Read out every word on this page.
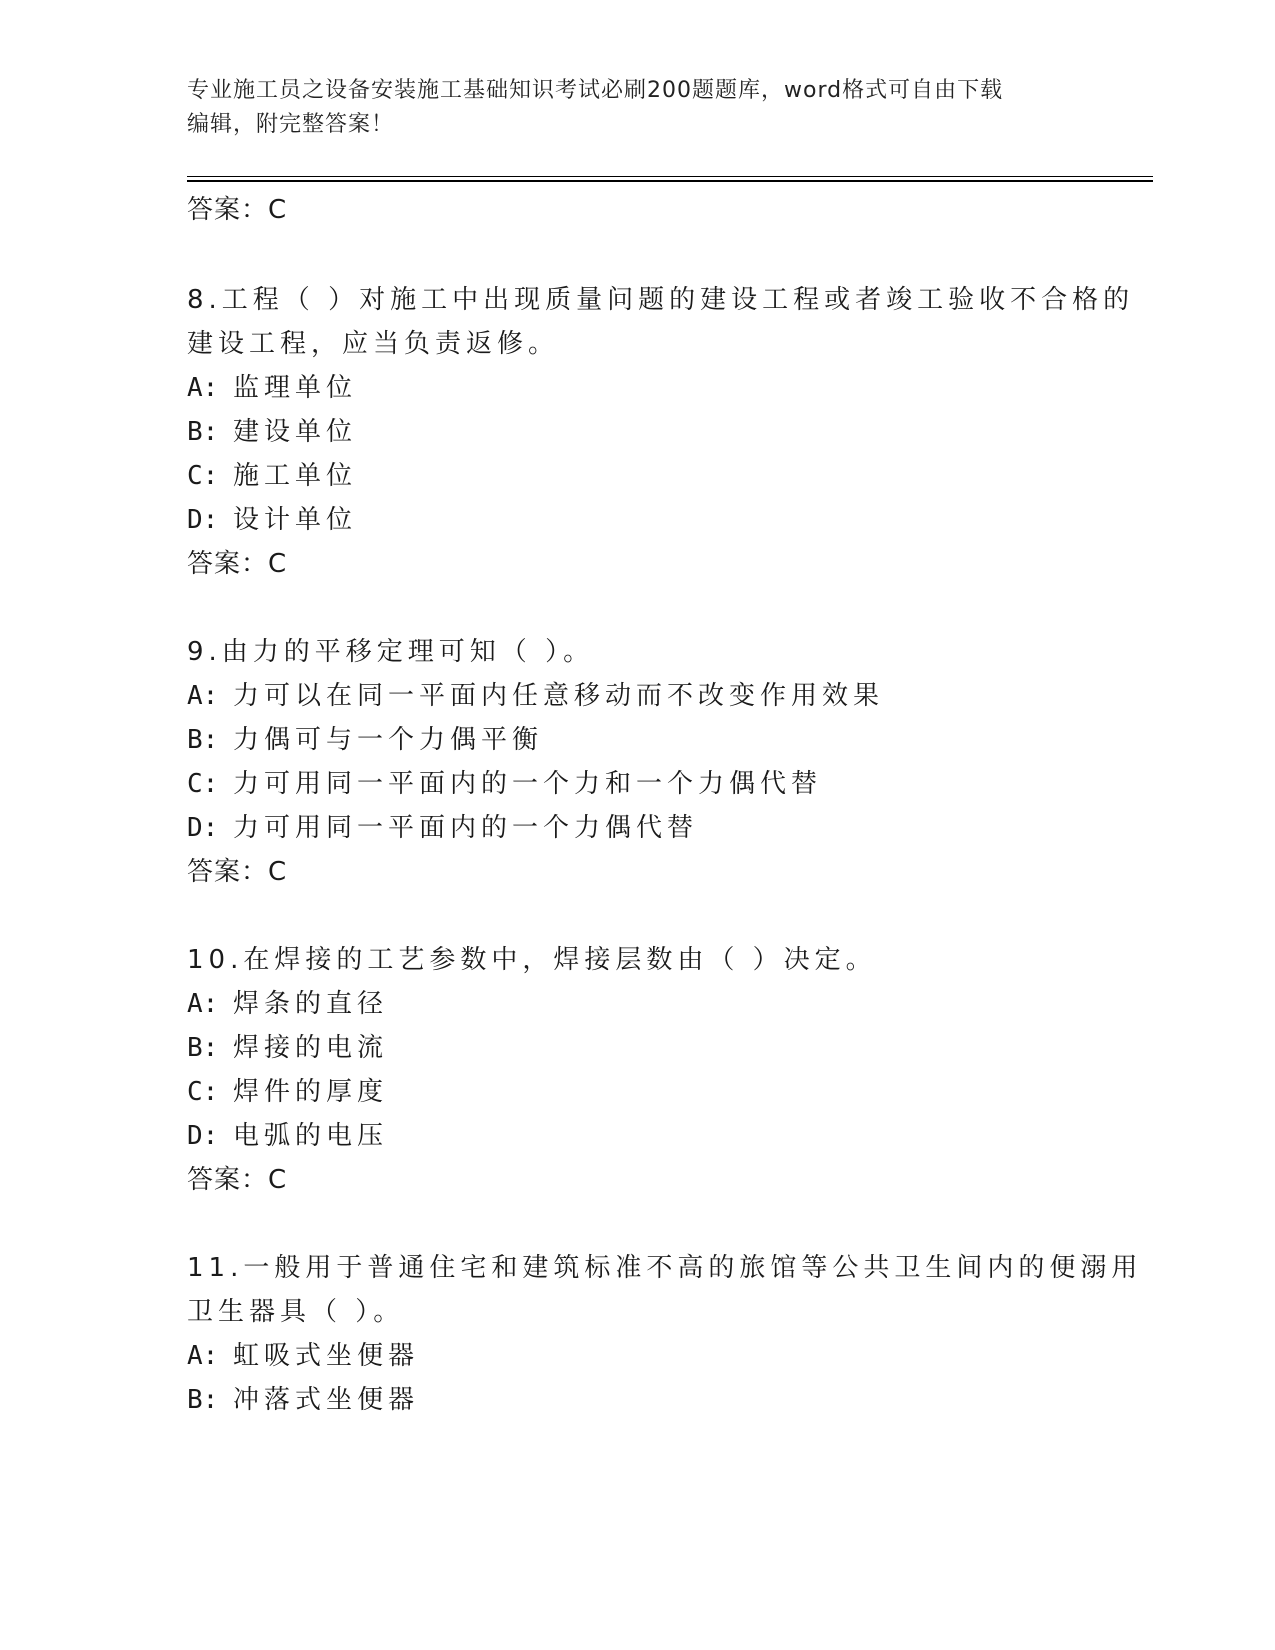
专业施工员之设备安装施工基础知识考试必刷200题题库，word格式可自由下载
编辑，附完整答案！
答案：C
8.工程（ ）对施工中出现质量问题的建设工程或者竣工验收不合格的
建设工程，应当负责返修。
A: 监理单位
B: 建设单位
C: 施工单位
D: 设计单位
答案：C
9.由力的平移定理可知（ ）。
A: 力可以在同一平面内任意移动而不改变作用效果
B: 力偶可与一个力偶平衡
C: 力可用同一平面内的一个力和一个力偶代替
D: 力可用同一平面内的一个力偶代替
答案：C
10.在焊接的工艺参数中，焊接层数由（ ）决定。
A: 焊条的直径
B: 焊接的电流
C: 焊件的厚度
D: 电弧的电压
答案：C
11.一般用于普通住宅和建筑标准不高的旅馆等公共卫生间内的便溺用
卫生器具（ ）。
A: 虹吸式坐便器
B: 冲落式坐便器
